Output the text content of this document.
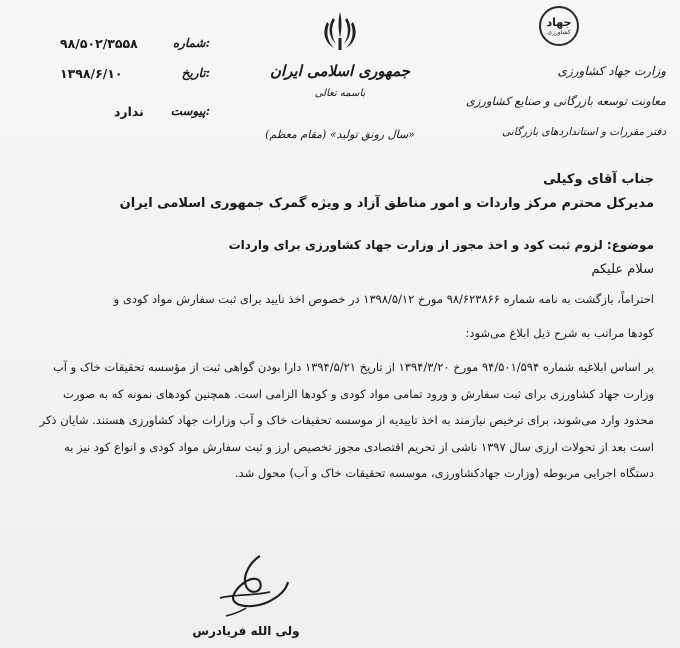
جهاد
کشاورزی
وزارت جهاد کشاورزی
معاونت توسعه بازرگانی و صنایع کشاورزی
دفتر مقررات و استانداردهای بازرگانی
جمهوری اسلامی ایران
باسمه تعالی
«سال رونق تولید» (مقام معظم)
شماره:
۹۸/۵۰۲/۳۵۵۸
تاریخ:
۱۳۹۸/۶/۱۰
پیوست:
ندارد
جناب آقای وکیلی
مدیرکل محترم مرکز واردات و امور مناطق آزاد و ویژه گمرک جمهوری اسلامی ایران
موضوع: لزوم ثبت کود و اخذ مجوز از وزارت جهاد کشاورزی برای واردات
سلام علیکم
احتراماً، بازگشت به نامه شماره ۹۸/۶۲۳۸۶۶ مورخ ۱۳۹۸/۵/۱۲ در خصوص اخذ تایید برای ثبت سفارش مواد کودی و
کودها مراتب به شرح ذیل ابلاغ می‌شود:
بر اساس ابلاغیه شماره ۹۴/۵۰۱/۵۹۴ مورخ ۱۳۹۴/۳/۲۰ از تاریخ ۱۳۹۴/۵/۲۱ دارا بودن گواهی ثبت از مؤسسه تحقیقات خاک و آب وزارت جهاد کشاورزی برای ثبت سفارش و ورود تمامی مواد کودی و کودها الزامی است. همچنین کودهای نمونه که به صورت محدود وارد می‌شوند، برای ترخیص نیازمند به اخذ تاییدیه از موسسه تحقیقات خاک و آب وزارات جهاد کشاورزی هستند. شایان ذکر است بعد از تحولات ارزی سال ۱۳۹۷ ناشی از تحریم اقتصادی مجوز تخصیص ارز و ثبت سفارش مواد کودی و انواع کود نیز به دستگاه اجرایی مربوطه (وزارت جهادکشاورزی، موسسه تحقیقات خاک و آب) محول شد.
ولی الله فریادرس
